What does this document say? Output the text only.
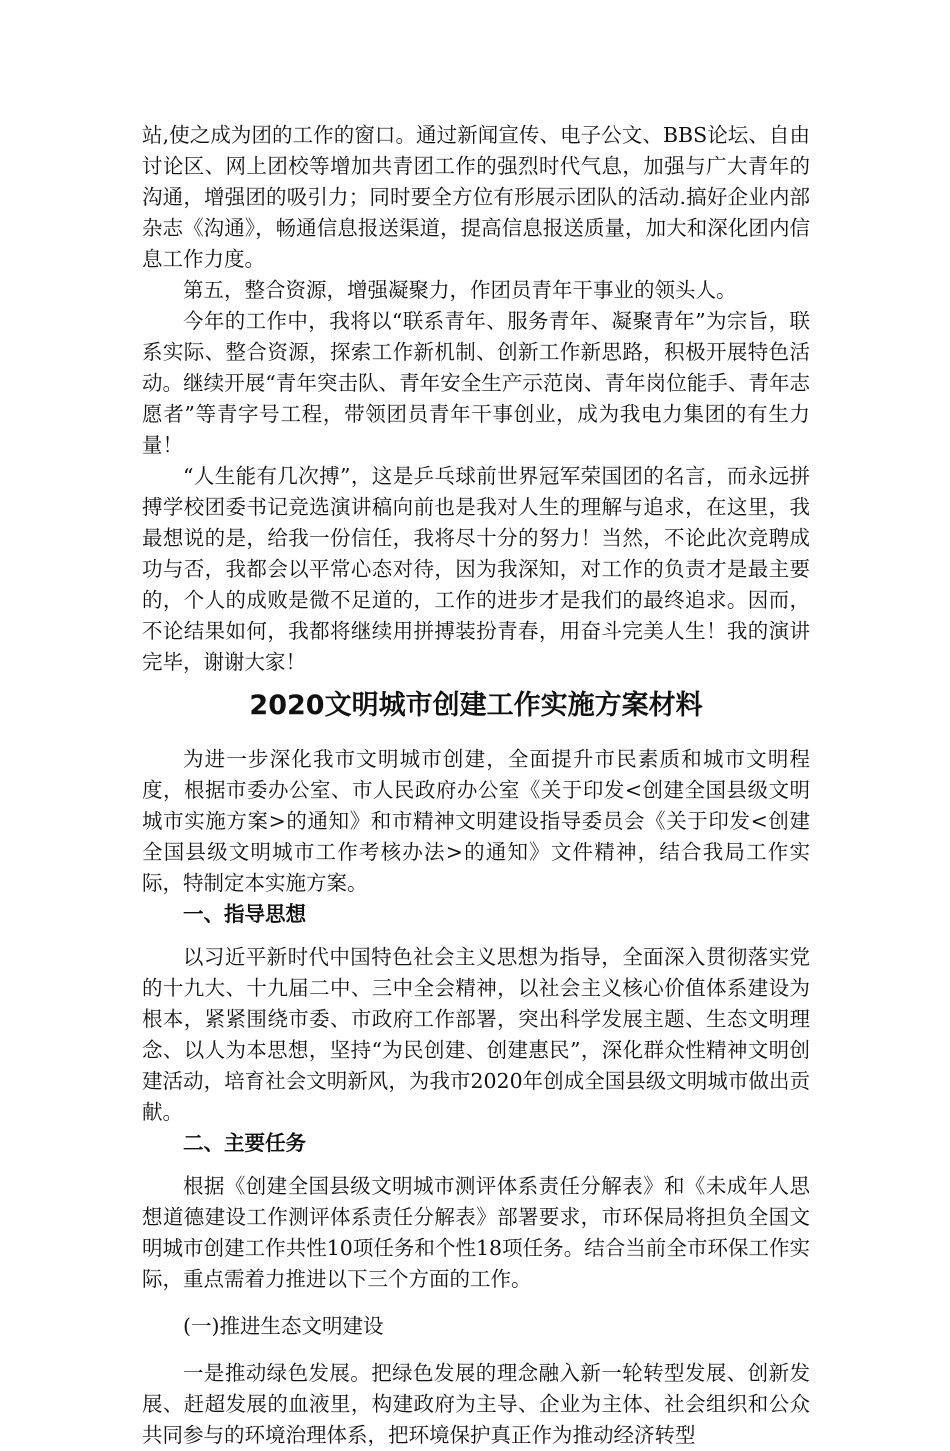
站,使之成为团的工作的窗口。通过新闻宣传、电子公文、BBS论坛、自由讨论区、网上团校等增加共青团工作的强烈时代气息，加强与广大青年的沟通，增强团的吸引力；同时要全方位有形展示团队的活动.搞好企业内部杂志《沟通》，畅通信息报送渠道，提高信息报送质量，加大和深化团内信息工作力度。

第五，整合资源，增强凝聚力，作团员青年干事业的领头人。

今年的工作中，我将以“联系青年、服务青年、凝聚青年”为宗旨，联系实际、整合资源，探索工作新机制、创新工作新思路，积极开展特色活动。继续开展“青年突击队、青年安全生产示范岗、青年岗位能手、青年志愿者”等青字号工程，带领团员青年干事创业，成为我电力集团的有生力量！

“人生能有几次搏”，这是乒乓球前世界冠军荣国团的名言，而永远拼搏学校团委书记竞选演讲稿向前也是我对人生的理解与追求，在这里，我最想说的是，给我一份信任，我将尽十分的努力！当然，不论此次竞聘成功与否，我都会以平常心态对待，因为我深知，对工作的负责才是最主要的，个人的成败是微不足道的，工作的进步才是我们的最终追求。因而，不论结果如何，我都将继续用拼搏装扮青春，用奋斗完美人生！我的演讲完毕，谢谢大家！

2020文明城市创建工作实施方案材料

为进一步深化我市文明城市创建，全面提升市民素质和城市文明程度，根据市委办公室、市人民政府办公室《关于印发<创建全国县级文明城市实施方案>的通知》和市精神文明建设指导委员会《关于印发<创建全国县级文明城市工作考核办法>的通知》文件精神，结合我局工作实际，特制定本实施方案。

一、指导思想

以习近平新时代中国特色社会主义思想为指导，全面深入贯彻落实党的十九大、十九届二中、三中全会精神，以社会主义核心价值体系建设为根本，紧紧围绕市委、市政府工作部署，突出科学发展主题、生态文明理念、以人为本思想，坚持“为民创建、创建惠民”，深化群众性精神文明创建活动，培育社会文明新风，为我市2020年创成全国县级文明城市做出贡献。

二、主要任务

根据《创建全国县级文明城市测评体系责任分解表》和《未成年人思想道德建设工作测评体系责任分解表》部署要求，市环保局将担负全国文明城市创建工作共性10项任务和个性18项任务。结合当前全市环保工作实际，重点需着力推进以下三个方面的工作。

(一)推进生态文明建设

一是推动绿色发展。把绿色发展的理念融入新一轮转型发展、创新发展、赶超发展的血液里，构建政府为主导、企业为主体、社会组织和公众共同参与的环境治理体系，把环境保护真正作为推动经济转型
